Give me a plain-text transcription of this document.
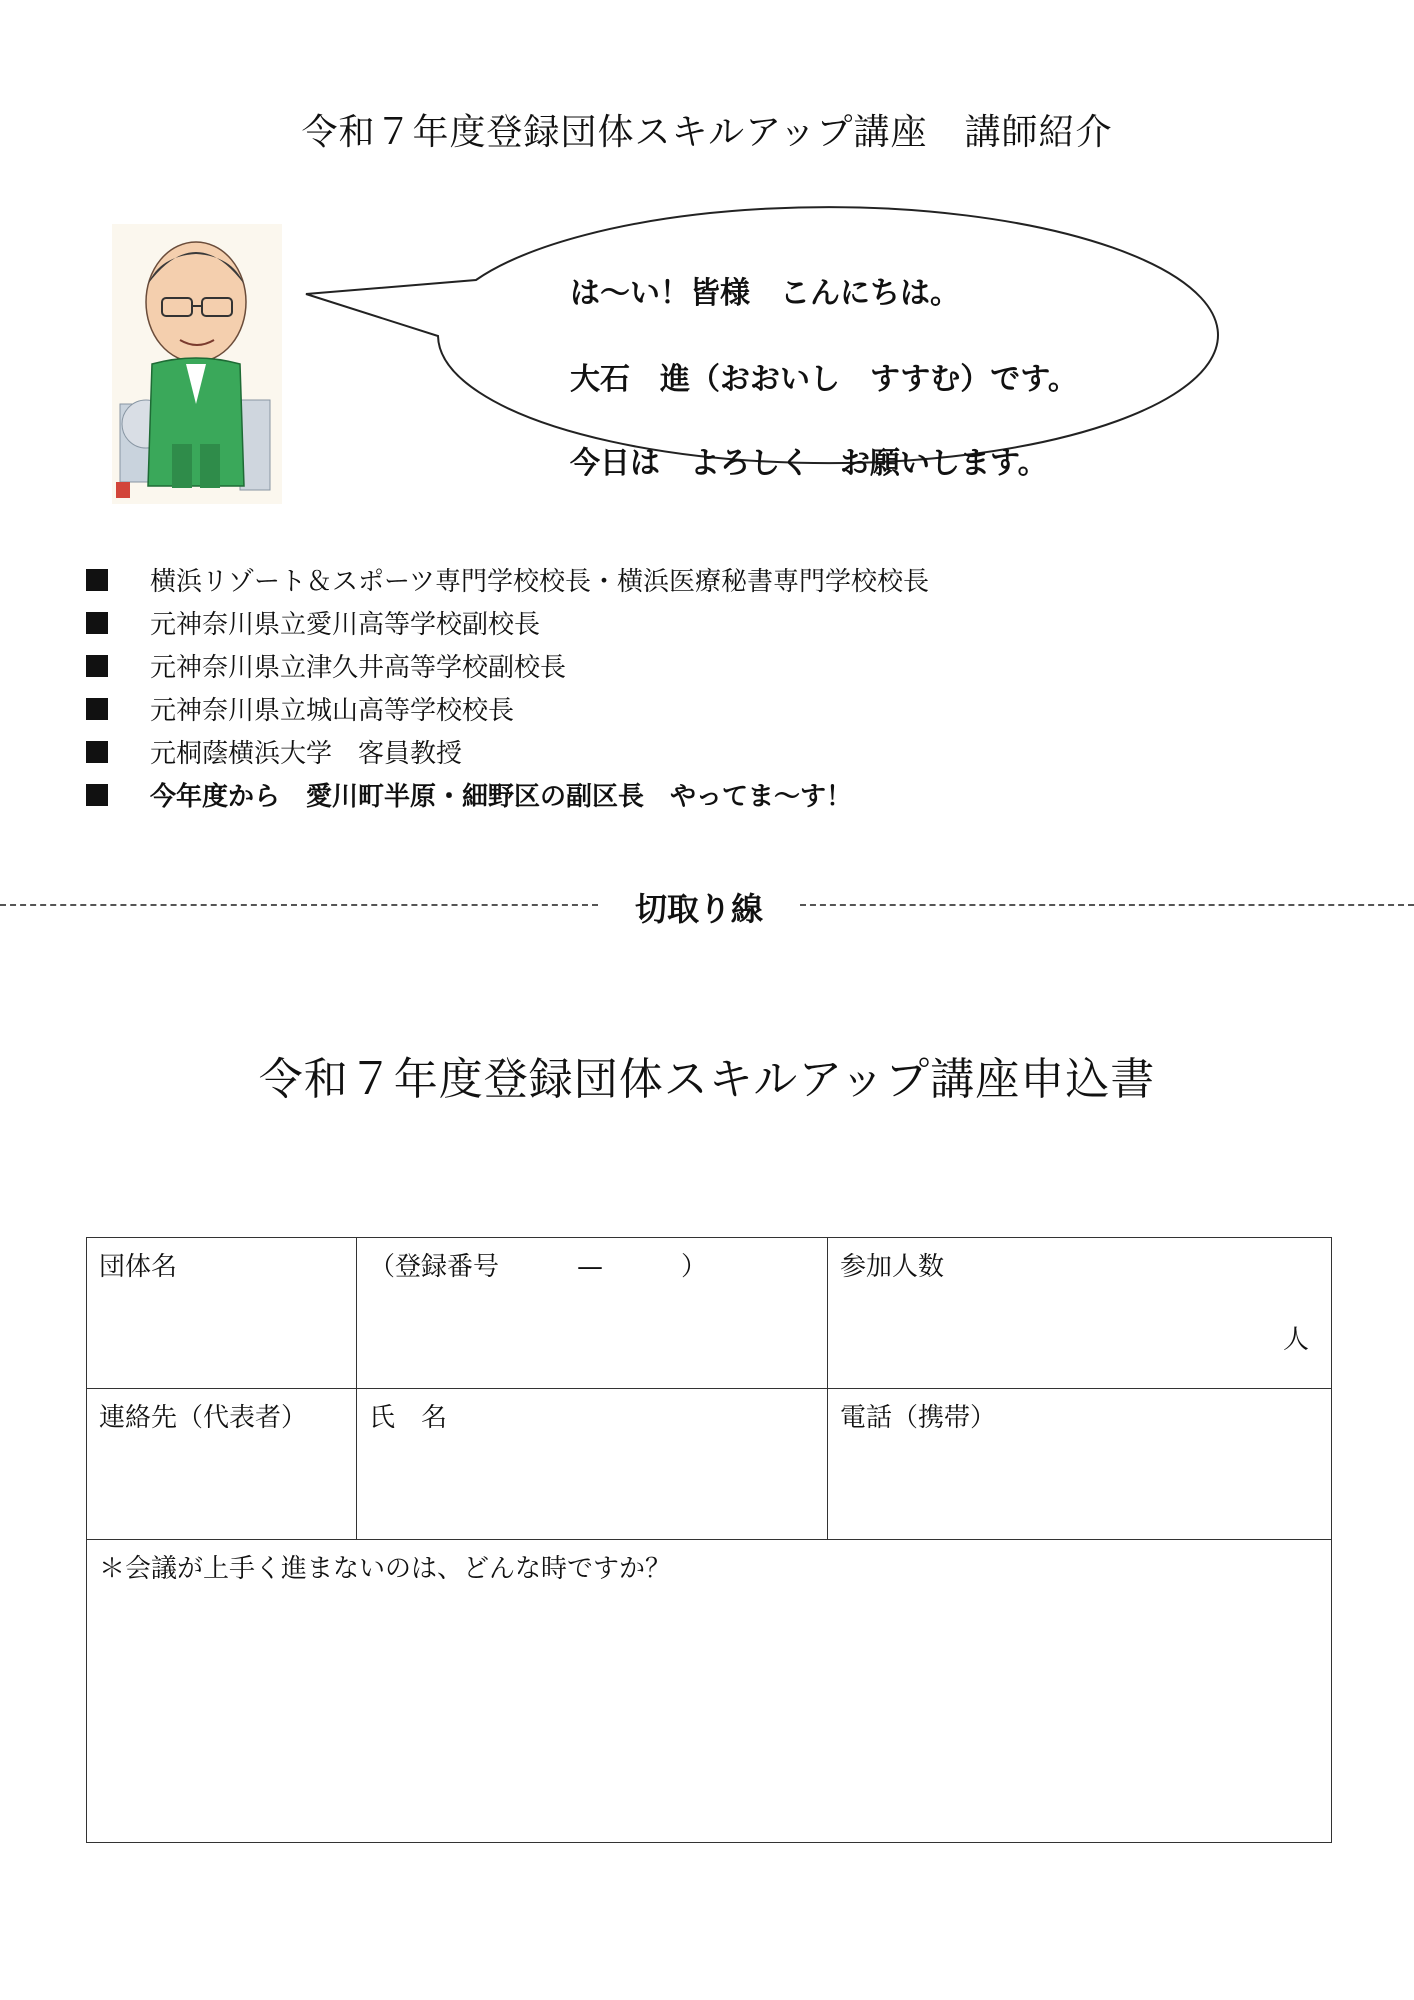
令和７年度登録団体スキルアップ講座　講師紹介
は〜い！皆様　こんにちは。
大石　進（おおいし　すすむ）です。
今日は　よろしく　お願いします。
横浜リゾート＆スポーツ専門学校校長・横浜医療秘書専門学校校長
元神奈川県立愛川高等学校副校長
元神奈川県立津久井高等学校副校長
元神奈川県立城山高等学校校長
元桐蔭横浜大学　客員教授
今年度から　愛川町半原・細野区の副区長　やってま〜す！
切取り線
令和７年度登録団体スキルアップ講座申込書
団体名	（登録番号　　　—　　　）	参加人数
人

連絡先（代表者）	氏　名	電話（携帯）
＊会議が上手く進まないのは、どんな時ですか？		
